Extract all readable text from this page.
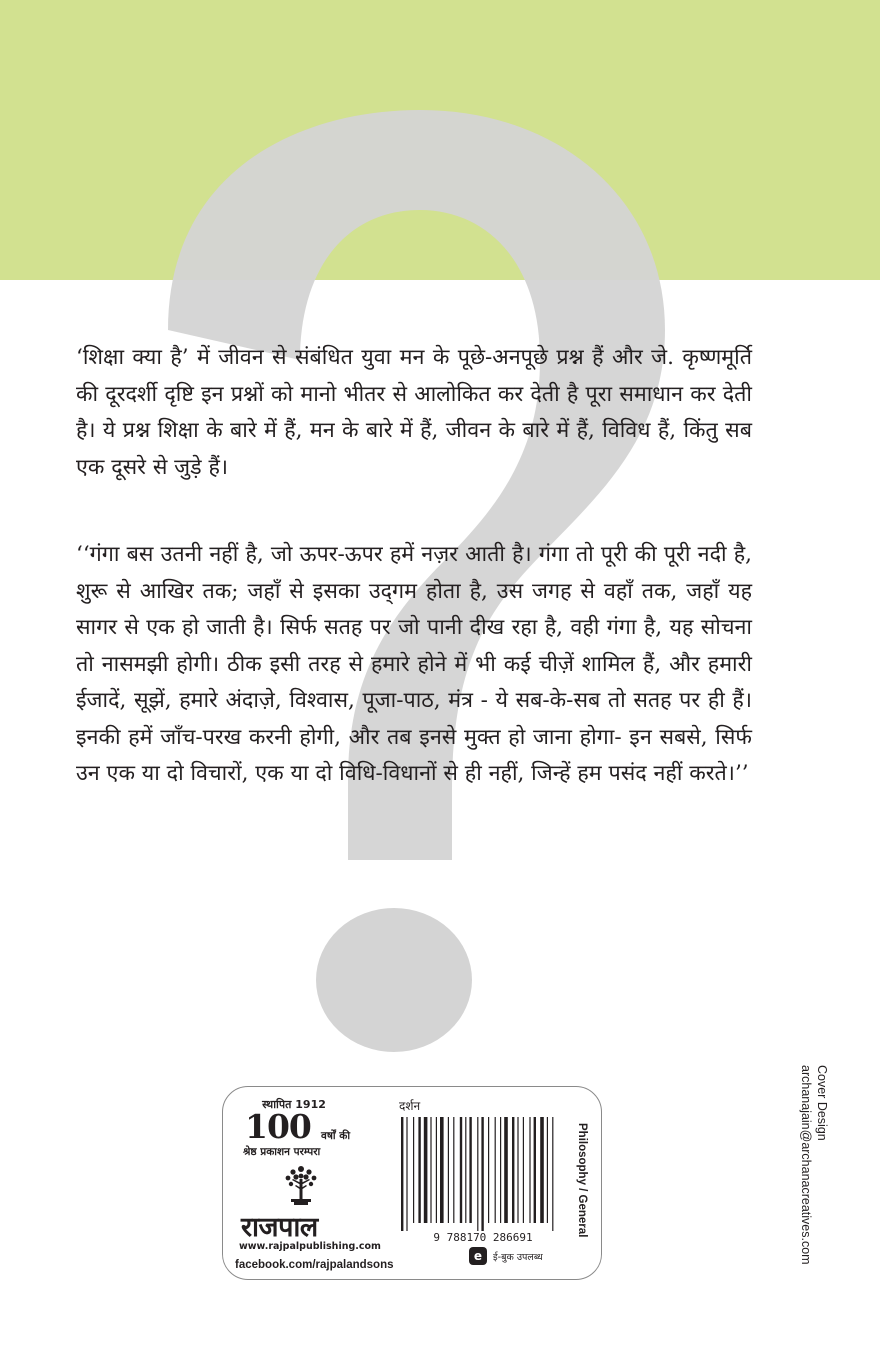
‘शिक्षा क्या है’ में जीवन से संबंधित युवा मन के पूछे-अनपूछे प्रश्न हैं और जे. कृष्णमूर्ति की दूरदर्शी दृष्टि इन प्रश्नों को मानो भीतर से आलोकित कर देती है पूरा समाधान कर देती है। ये प्रश्न शिक्षा के बारे में हैं, मन के बारे में हैं, जीवन के बारे में हैं, विविध हैं, किंतु सब एक दूसरे से जुड़े हैं।

‘‘गंगा बस उतनी नहीं है, जो ऊपर-ऊपर हमें नज़र आती है। गंगा तो पूरी की पूरी नदी है, शुरू से आखिर तक; जहाँ से इसका उद्‌गम होता है, उस जगह से वहाँ तक, जहाँ यह सागर से एक हो जाती है। सिर्फ सतह पर जो पानी दीख रहा है, वही गंगा है, यह सोचना तो नासमझी होगी। ठीक इसी तरह से हमारे होने में भी कई चीज़ें शामिल हैं, और हमारी ईजादें, सूझें, हमारे अंदाज़े, विश्वास, पूजा-पाठ, मंत्र - ये सब-के-सब तो सतह पर ही हैं। इनकी हमें जाँच-परख करनी होगी, और तब इनसे मुक्त हो जाना होगा- इन सबसे, सिर्फ उन एक या दो विचारों, एक या दो विधि-विधानों से ही नहीं, जिन्हें हम पसंद नहीं करते।’’

स्थापित 1912
100 वर्षों की
श्रेष्ठ प्रकाशन परम्परा
राजपाल
www.rajpalpublishing.com
facebook.com/rajpalandsons
दर्शन
9 788170 286691
e	ई-बुक उपलब्ध
Philosophy / General
Cover Design
archanajain@archanacreatives.com
